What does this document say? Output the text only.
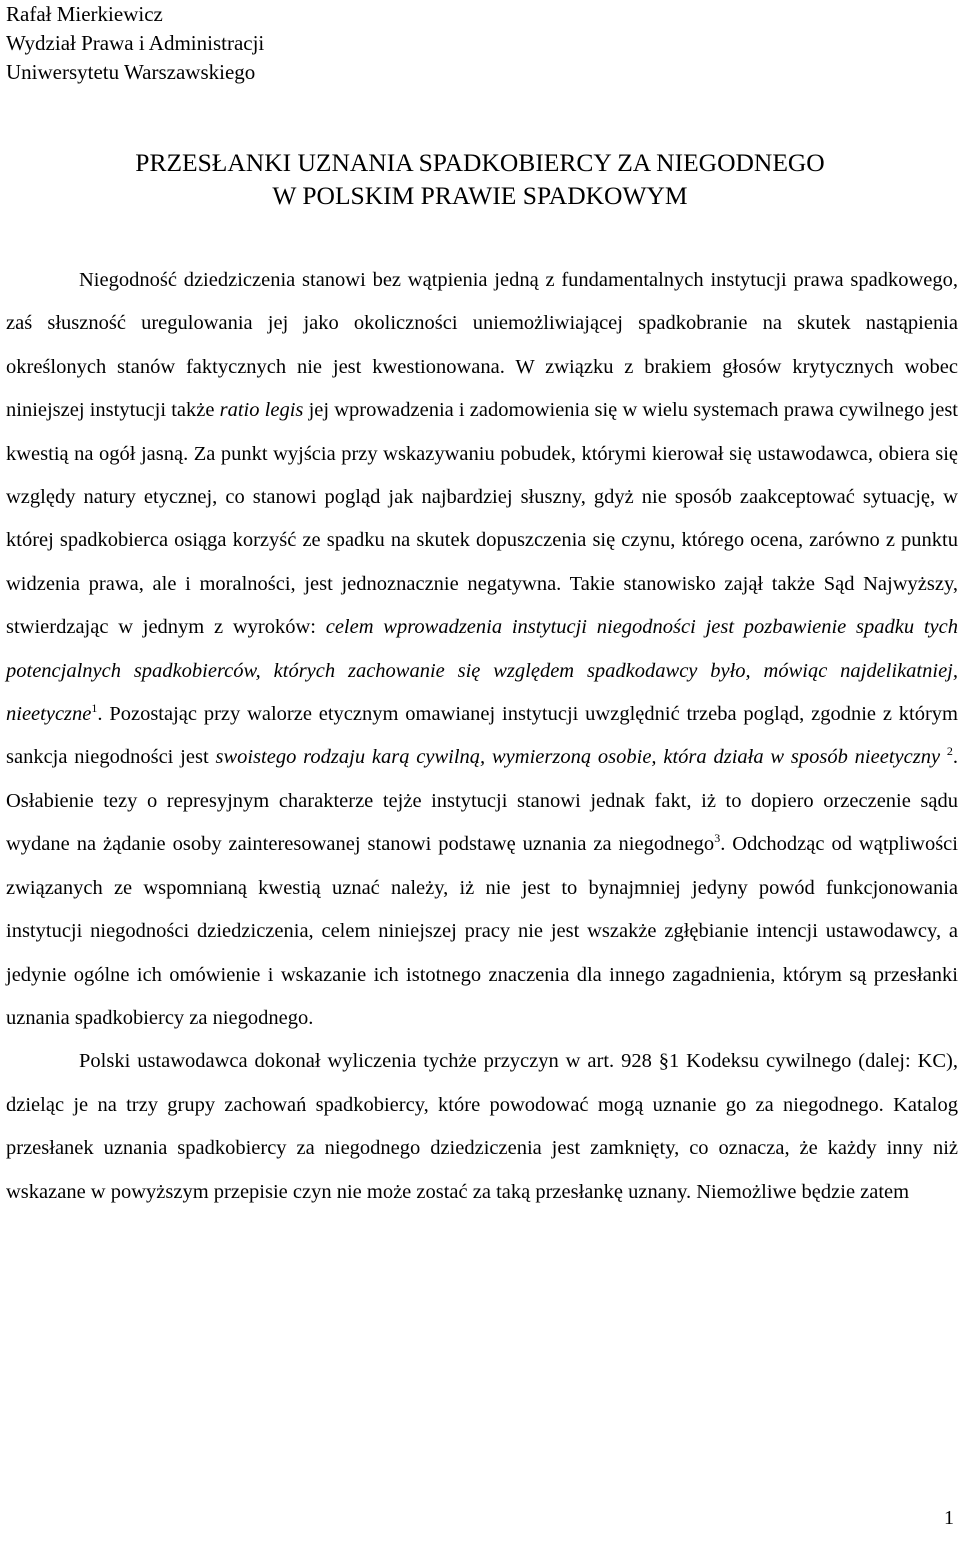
Rafał Mierkiewicz
Wydział Prawa i Administracji
Uniwersytetu Warszawskiego
PRZESŁANKI UZNANIA SPADKOBIERCY ZA NIEGODNEGO
W POLSKIM PRAWIE SPADKOWYM

Niegodność dziedziczenia stanowi bez wątpienia jedną z fundamentalnych instytucji prawa spadkowego, zaś słuszność uregulowania jej jako okoliczności uniemożliwiającej spadkobranie na skutek nastąpienia określonych stanów faktycznych nie jest kwestionowana. W związku z brakiem głosów krytycznych wobec niniejszej instytucji także ratio legis jej wprowadzenia i zadomowienia się w wielu systemach prawa cywilnego jest kwestią na ogół jasną. Za punkt wyjścia przy wskazywaniu pobudek, którymi kierował się ustawodawca, obiera się względy natury etycznej, co stanowi pogląd jak najbardziej słuszny, gdyż nie sposób zaakceptować sytuację, w której spadkobierca osiąga korzyść ze spadku na skutek dopuszczenia się czynu, którego ocena, zarówno z punktu widzenia prawa, ale i moralności, jest jednoznacznie negatywna. Takie stanowisko zajął także Sąd Najwyższy, stwierdzając w jednym z wyroków: celem wprowadzenia instytucji niegodności jest pozbawienie spadku tych potencjalnych spadkobierców, których zachowanie się względem spadkodawcy było, mówiąc najdelikatniej, nieetyczne$^1$. Pozostając przy walorze etycznym omawianej instytucji uwzględnić trzeba pogląd, zgodnie z którym sankcja niegodności jest swoistego rodzaju karą cywilną, wymierzoną osobie, która działa w sposób nieetyczny $^2$. Osłabienie tezy o represyjnym charakterze tejże instytucji stanowi jednak fakt, iż to dopiero orzeczenie sądu wydane na żądanie osoby zainteresowanej stanowi podstawę uznania za niegodnego$^3$. Odchodząc od wątpliwości związanych ze wspomnianą kwestią uznać należy, iż nie jest to bynajmniej jedyny powód funkcjonowania instytucji niegodności dziedziczenia, celem niniejszej pracy nie jest wszakże zgłębianie intencji ustawodawcy, a jedynie ogólne ich omówienie i wskazanie ich istotnego znaczenia dla innego zagadnienia, którym są przesłanki uznania spadkobiercy za niegodnego.

Polski ustawodawca dokonał wyliczenia tychże przyczyn w art. 928 §1 Kodeksu cywilnego (dalej: KC), dzieląc je na trzy grupy zachowań spadkobiercy, które powodować mogą uznanie go za niegodnego. Katalog przesłanek uznania spadkobiercy za niegodnego dziedziczenia jest zamknięty, co oznacza, że każdy inny niż wskazane w powyższym przepisie czyn nie może zostać za taką przesłankę uznany. Niemożliwe będzie zatem

1
